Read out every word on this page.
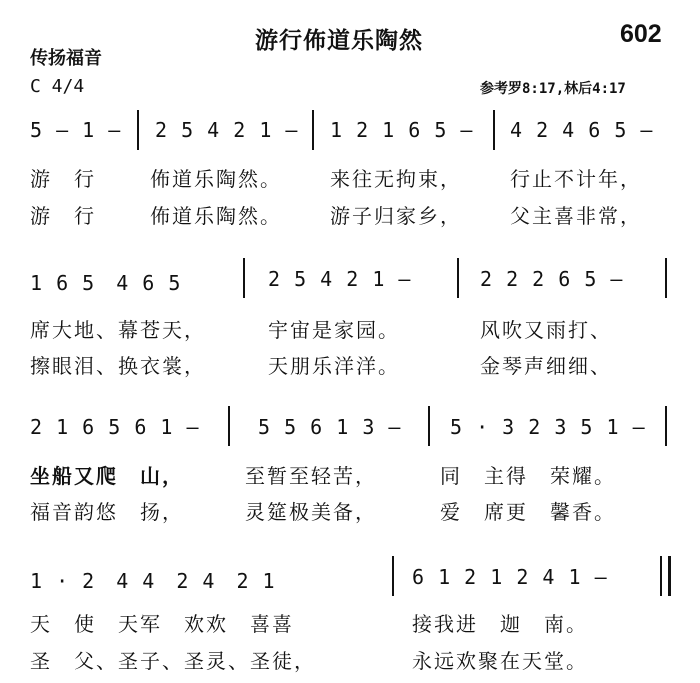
游行佈道乐陶然	602
传扬福音
C 4/4	参考罗8:17,林后4:17
5 — 1 — 2 5 4 2 1 — 1 2 1 6 5 — 4 2 4 6 5 —
游　行	佈道乐陶然。 来往无拘束， 行止不计年，
游　行	佈道乐陶然。 游子归家乡， 父主喜非常，
1 6 5　4 6 5	2 5 4 2 1 —	2 2 2 6 5 —
席大地、幕苍天，	宇宙是家园。	风吹又雨打、
擦眼泪、换衣裳，	天朋乐洋洋。	金琴声细细、
2 1 6 5 6 1 —	5 5 6 1 3 — 5 · 3 2 3 5 1 —
坐船又爬　山，	至暂至轻苦，	同　主得　荣耀。
福音韵悠　扬，	灵筵极美备，	爱　席更　馨香。
1 · 2　4 4　2 4　2 1	6 1 2 1 2 4 1 —
天　使　天军　欢欢　喜喜	接我进　迦　南。
圣　父、圣子、圣灵、圣徒，	永远欢聚在天堂。
